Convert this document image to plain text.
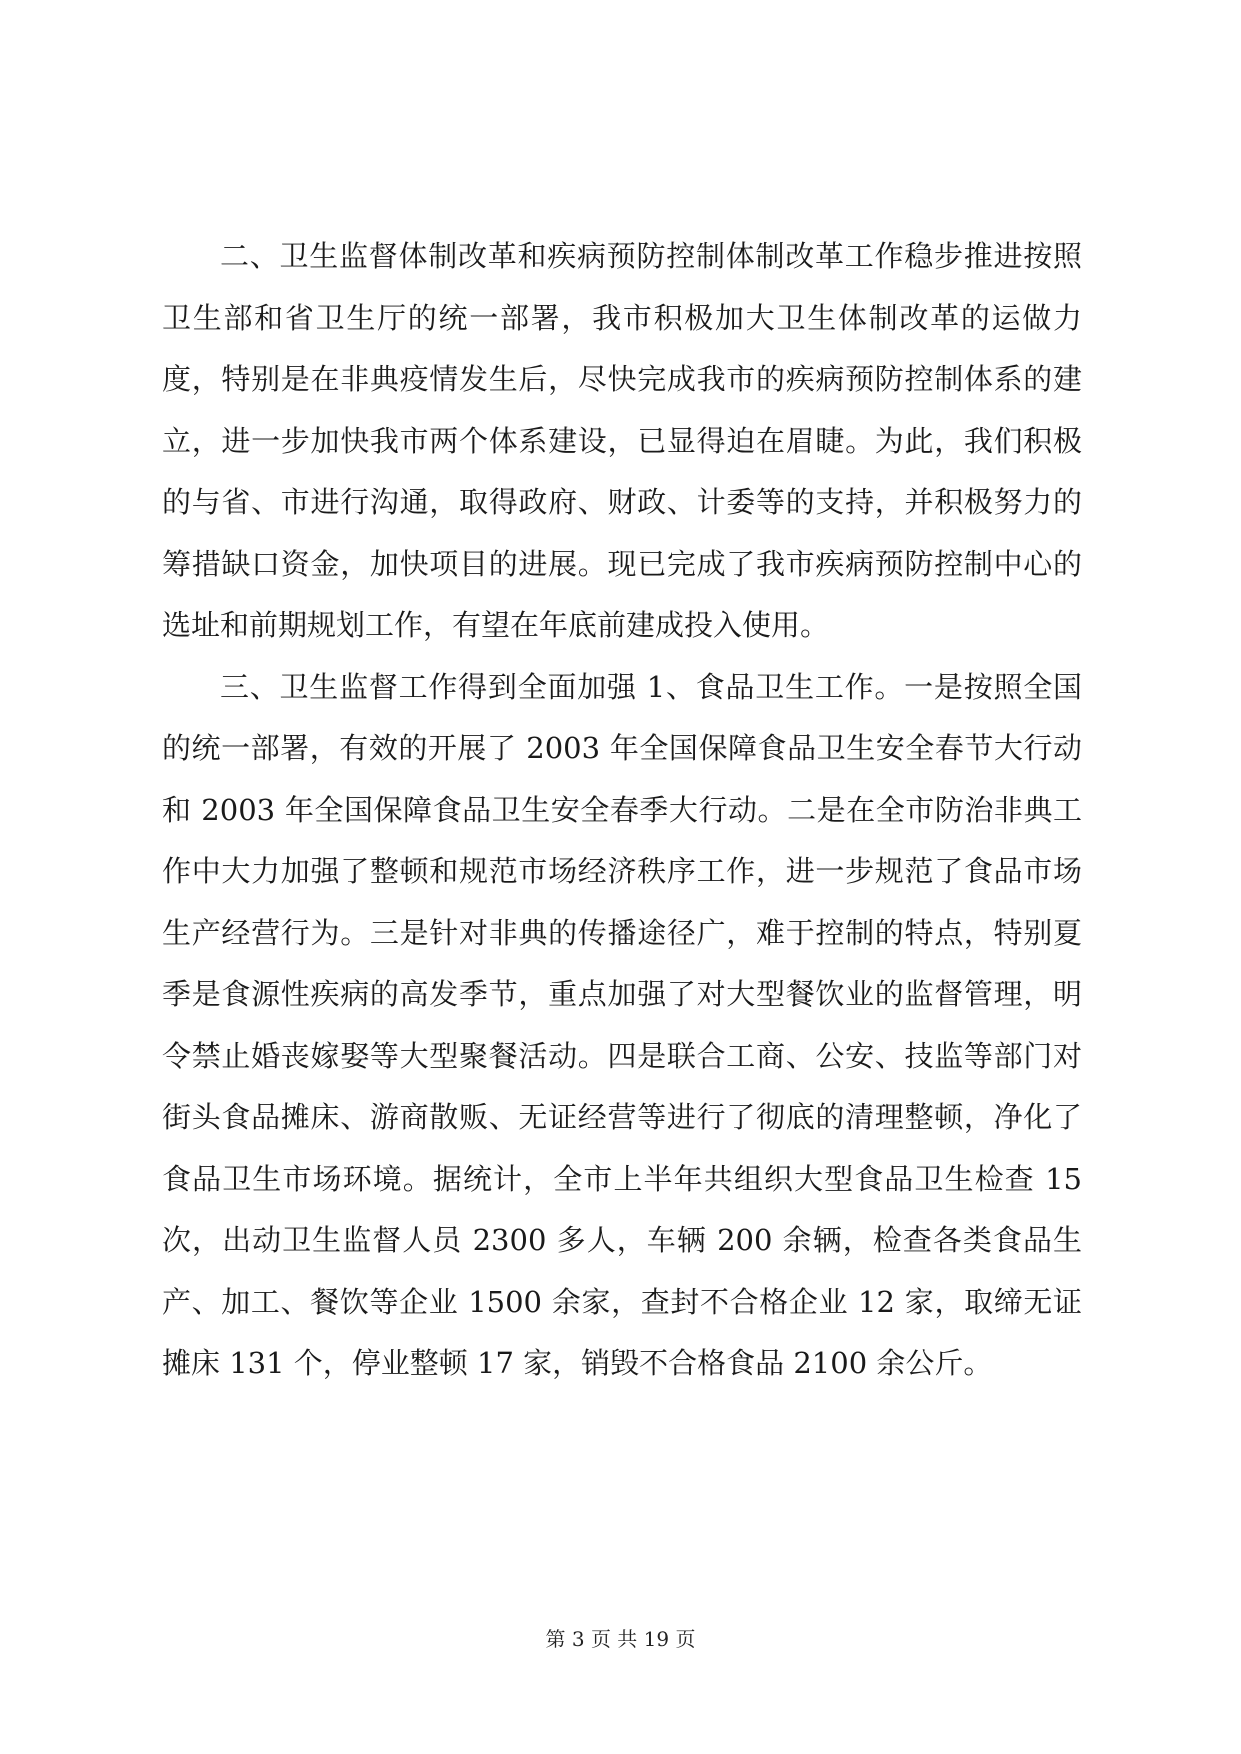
二、卫生监督体制改革和疾病预防控制体制改革工作稳步推进按照卫生部和省卫生厅的统一部署，我市积极加大卫生体制改革的运做力度，特别是在非典疫情发生后，尽快完成我市的疾病预防控制体系的建立，进一步加快我市两个体系建设，已显得迫在眉睫。为此，我们积极的与省、市进行沟通，取得政府、财政、计委等的支持，并积极努力的筹措缺口资金，加快项目的进展。现已完成了我市疾病预防控制中心的选址和前期规划工作，有望在年底前建成投入使用。

三、卫生监督工作得到全面加强 1、食品卫生工作。一是按照全国的统一部署，有效的开展了 2003 年全国保障食品卫生安全春节大行动和 2003 年全国保障食品卫生安全春季大行动。二是在全市防治非典工作中大力加强了整顿和规范市场经济秩序工作，进一步规范了食品市场生产经营行为。三是针对非典的传播途径广，难于控制的特点，特别夏季是食源性疾病的高发季节，重点加强了对大型餐饮业的监督管理，明令禁止婚丧嫁娶等大型聚餐活动。四是联合工商、公安、技监等部门对街头食品摊床、游商散贩、无证经营等进行了彻底的清理整顿，净化了食品卫生市场环境。据统计，全市上半年共组织大型食品卫生检查 15 次，出动卫生监督人员 2300 多人，车辆 200 余辆，检查各类食品生产、加工、餐饮等企业 1500 余家，查封不合格企业 12 家，取缔无证摊床 131 个，停业整顿 17 家，销毁不合格食品 2100 余公斤。

第 3 页 共 19 页
